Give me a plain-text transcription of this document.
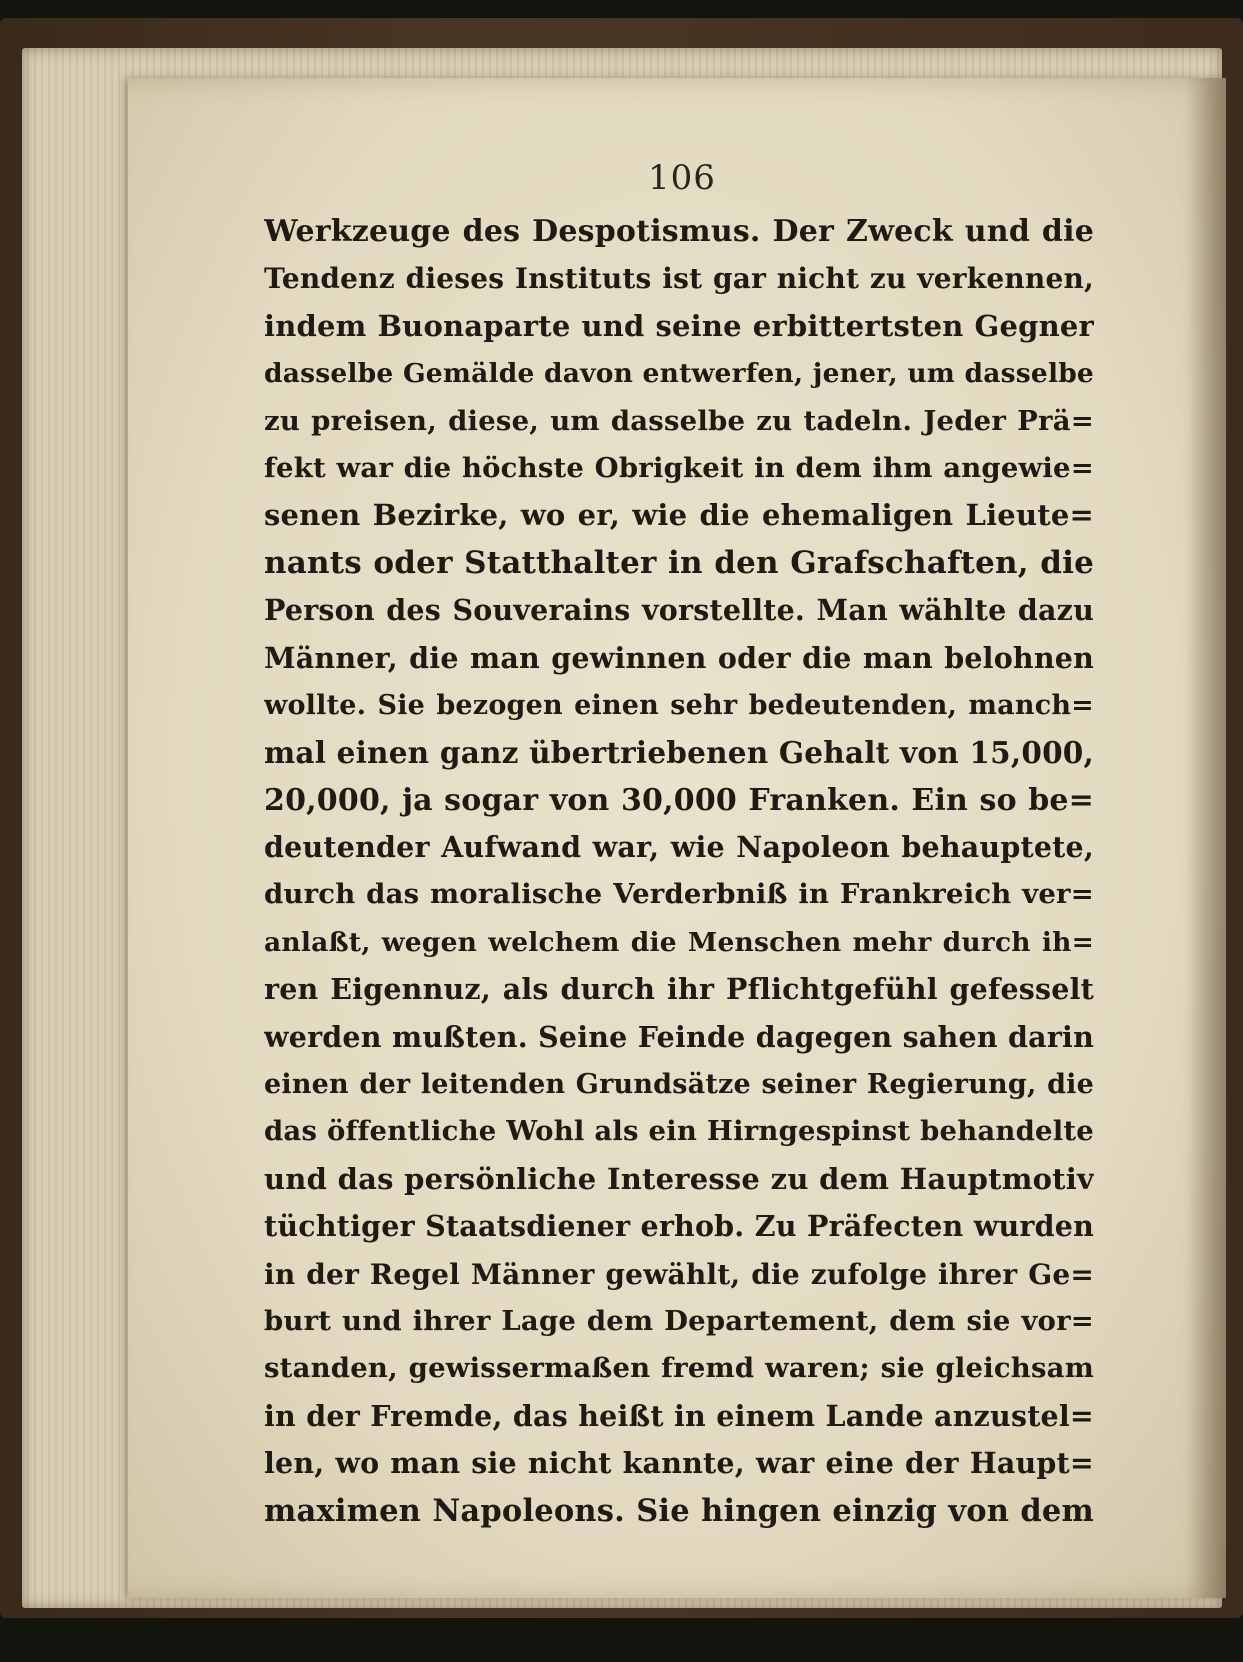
106
Werkzeuge des Despotismus. Der Zweck und die
Tendenz dieses Instituts ist gar nicht zu verkennen,
indem Buonaparte und seine erbittertsten Gegner
dasselbe Gemälde davon entwerfen, jener, um dasselbe
zu preisen, diese, um dasselbe zu tadeln. Jeder Prä=
fekt war die höchste Obrigkeit in dem ihm angewie=
senen Bezirke, wo er, wie die ehemaligen Lieute=
nants oder Statthalter in den Grafschaften, die
Person des Souverains vorstellte. Man wählte dazu
Männer, die man gewinnen oder die man belohnen
wollte. Sie bezogen einen sehr bedeutenden, manch=
mal einen ganz übertriebenen Gehalt von 15,000,
20,000, ja sogar von 30,000 Franken. Ein so be=
deutender Aufwand war, wie Napoleon behauptete,
durch das moralische Verderbniß in Frankreich ver=
anlaßt, wegen welchem die Menschen mehr durch ih=
ren Eigennuz, als durch ihr Pflichtgefühl gefesselt
werden mußten. Seine Feinde dagegen sahen darin
einen der leitenden Grundsätze seiner Regierung, die
das öffentliche Wohl als ein Hirngespinst behandelte
und das persönliche Interesse zu dem Hauptmotiv
tüchtiger Staatsdiener erhob. Zu Präfecten wurden
in der Regel Männer gewählt, die zufolge ihrer Ge=
burt und ihrer Lage dem Departement, dem sie vor=
standen, gewissermaßen fremd waren; sie gleichsam
in der Fremde, das heißt in einem Lande anzustel=
len, wo man sie nicht kannte, war eine der Haupt=
maximen Napoleons. Sie hingen einzig von dem
